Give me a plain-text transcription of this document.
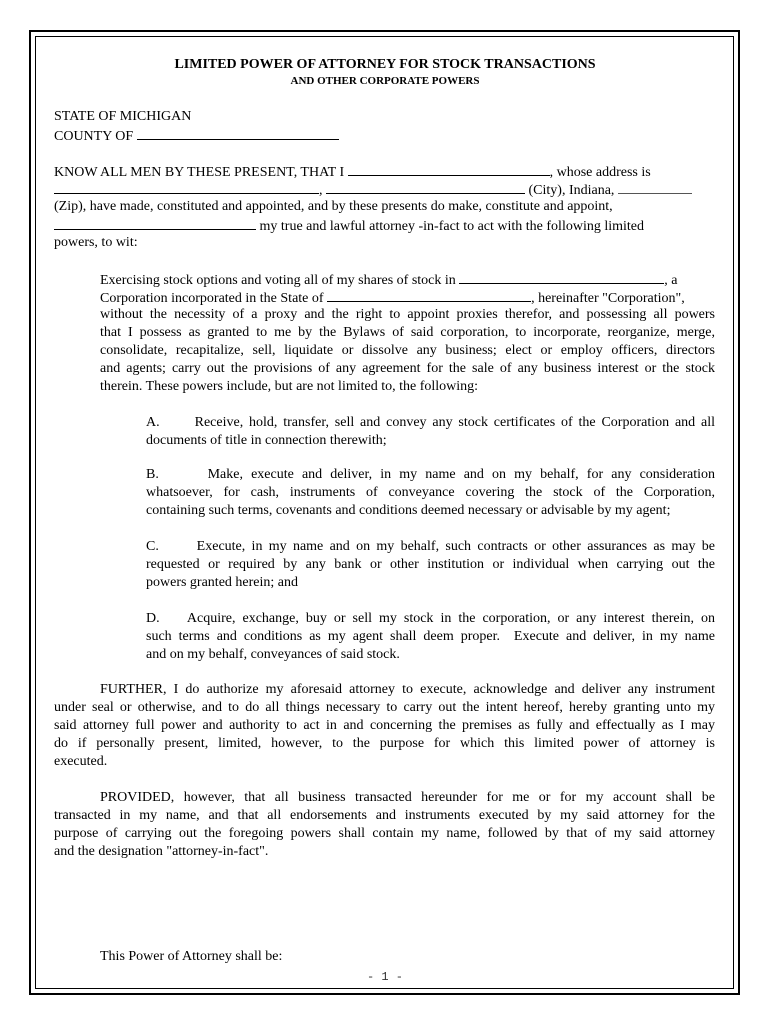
LIMITED POWER OF ATTORNEY FOR STOCK TRANSACTIONS
AND OTHER CORPORATE POWERS
STATE OF MICHIGAN
COUNTY OF
KNOW ALL MEN BY THESE PRESENT, THAT I	, whose address is
,	(City), Indiana,
(Zip), have made, constituted and appointed, and by these presents do make, constitute and appoint,
my true and lawful attorney -in-fact to act with the following limited
powers, to wit:
Exercising stock options and voting all of my shares of stock in	, a
Corporation incorporated in the State of	, hereinafter "Corporation",
without the necessity of a proxy and the right to appoint proxies therefor, and possessing all powers
that I possess as granted to me by the Bylaws of said corporation, to incorporate, reorganize, merge,
consolidate, recapitalize, sell, liquidate or dissolve any business; elect or employ officers, directors
and agents; carry out the provisions of any agreement for the sale of any business interest or the stock
therein. These powers include, but are not limited to, the following:
A.      Receive, hold, transfer, sell and convey any stock certificates of the Corporation and all
documents of title in connection therewith;
B.      Make, execute and deliver, in my name and on my behalf, for any consideration
whatsoever, for cash, instruments of conveyance covering the stock of the Corporation,
containing such terms, covenants and conditions deemed necessary or advisable by my agent;
C.      Execute, in my name and on my behalf, such contracts or other assurances as may be
requested or required by any bank or other institution or individual when carrying out the
powers granted herein; and
D.    Acquire, exchange, buy or sell my stock in the corporation, or any interest therein, on
such terms and conditions as my agent shall deem proper.  Execute and deliver, in my name
and on my behalf, conveyances of said stock.
FURTHER, I do authorize my aforesaid attorney to execute, acknowledge and deliver any instrument
under seal or otherwise, and to do all things necessary to carry out the intent hereof, hereby granting unto my
said attorney full power and authority to act in and concerning the premises as fully and effectually as I may
do if personally present, limited, however, to the purpose for which this limited power of attorney is
executed.
PROVIDED, however, that all business transacted hereunder for me or for my account shall be
transacted in my name, and that all endorsements and instruments executed by my said attorney for the
purpose of carrying out the foregoing powers shall contain my name, followed by that of my said attorney
and the designation "attorney-in-fact".
This Power of Attorney shall be:
- 1 -
